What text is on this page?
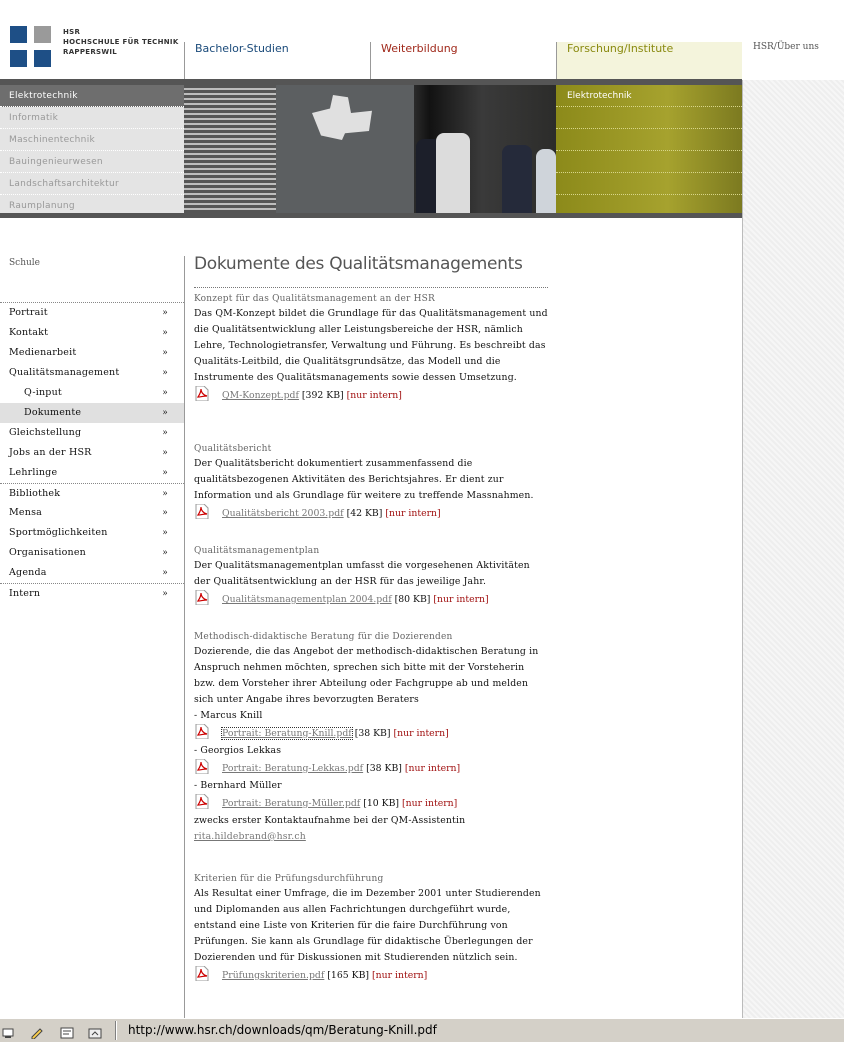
HSR
HOCHSCHULE FÜR TECHNIK
RAPPERSWIL	Bachelor-Studien	Weiterbildung	Forschung/Institute	HSR/Über uns
Elektrotechnik
Informatik
Maschinentechnik
Bauingenieurwesen
Landschaftsarchitektur
Raumplanung
Elektrotechnik
Schule
Portrait	»
Kontakt	»
Medienarbeit	»
Qualitätsmanagement	»
Q-input	»
Dokumente	»
Gleichstellung	»
Jobs an der HSR	»
Lehrlinge	»
Bibliothek	»
Mensa	»
Sportmöglichkeiten	»
Organisationen	»
Agenda	»
Intern	»
Dokumente des Qualitätsmanagements
Konzept für das Qualitätsmanagement an der HSR
Das QM-Konzept bildet die Grundlage für das Qualitätsmanagement und die Qualitätsentwicklung aller Leistungsbereiche der HSR, nämlich Lehre, Technologietransfer, Verwaltung und Führung. Es beschreibt das Qualitäts-Leitbild, die Qualitätsgrundsätze, das Modell und die Instrumente des Qualitätsmanagements sowie dessen Umsetzung.
QM-Konzept.pdf [392 KB] [nur intern]
Qualitätsbericht
Der Qualitätsbericht dokumentiert zusammenfassend die qualitätsbezogenen Aktivitäten des Berichtsjahres. Er dient zur Information und als Grundlage für weitere zu treffende Massnahmen.
Qualitätsbericht 2003.pdf [42 KB] [nur intern]
Qualitätsmanagementplan
Der Qualitätsmanagementplan umfasst die vorgesehenen Aktivitäten der Qualitätsentwicklung an der HSR für das jeweilige Jahr.
Qualitätsmanagementplan 2004.pdf [80 KB] [nur intern]
Methodisch-didaktische Beratung für die Dozierenden
Dozierende, die das Angebot der methodisch-didaktischen Beratung in Anspruch nehmen möchten, sprechen sich bitte mit der Vorsteherin bzw. dem Vorsteher ihrer Abteilung oder Fachgruppe ab und melden sich unter Angabe ihres bevorzugten Beraters
- Marcus Knill
Portrait: Beratung-Knill.pdf [38 KB] [nur intern]
- Georgios Lekkas
Portrait: Beratung-Lekkas.pdf [38 KB] [nur intern]
- Bernhard Müller
Portrait: Beratung-Müller.pdf [10 KB] [nur intern]
zwecks erster Kontaktaufnahme bei der QM-Assistentin
rita.hildebrand@hsr.ch
Kriterien für die Prüfungsdurchführung
Als Resultat einer Umfrage, die im Dezember 2001 unter Studierenden und Diplomanden aus allen Fachrichtungen durchgeführt wurde, entstand eine Liste von Kriterien für die faire Durchführung von Prüfungen. Sie kann als Grundlage für didaktische Überlegungen der Dozierenden und für Diskussionen mit Studierenden nützlich sein.
Prüfungskriterien.pdf [165 KB] [nur intern]
http://www.hsr.ch/downloads/qm/Beratung-Knill.pdf
